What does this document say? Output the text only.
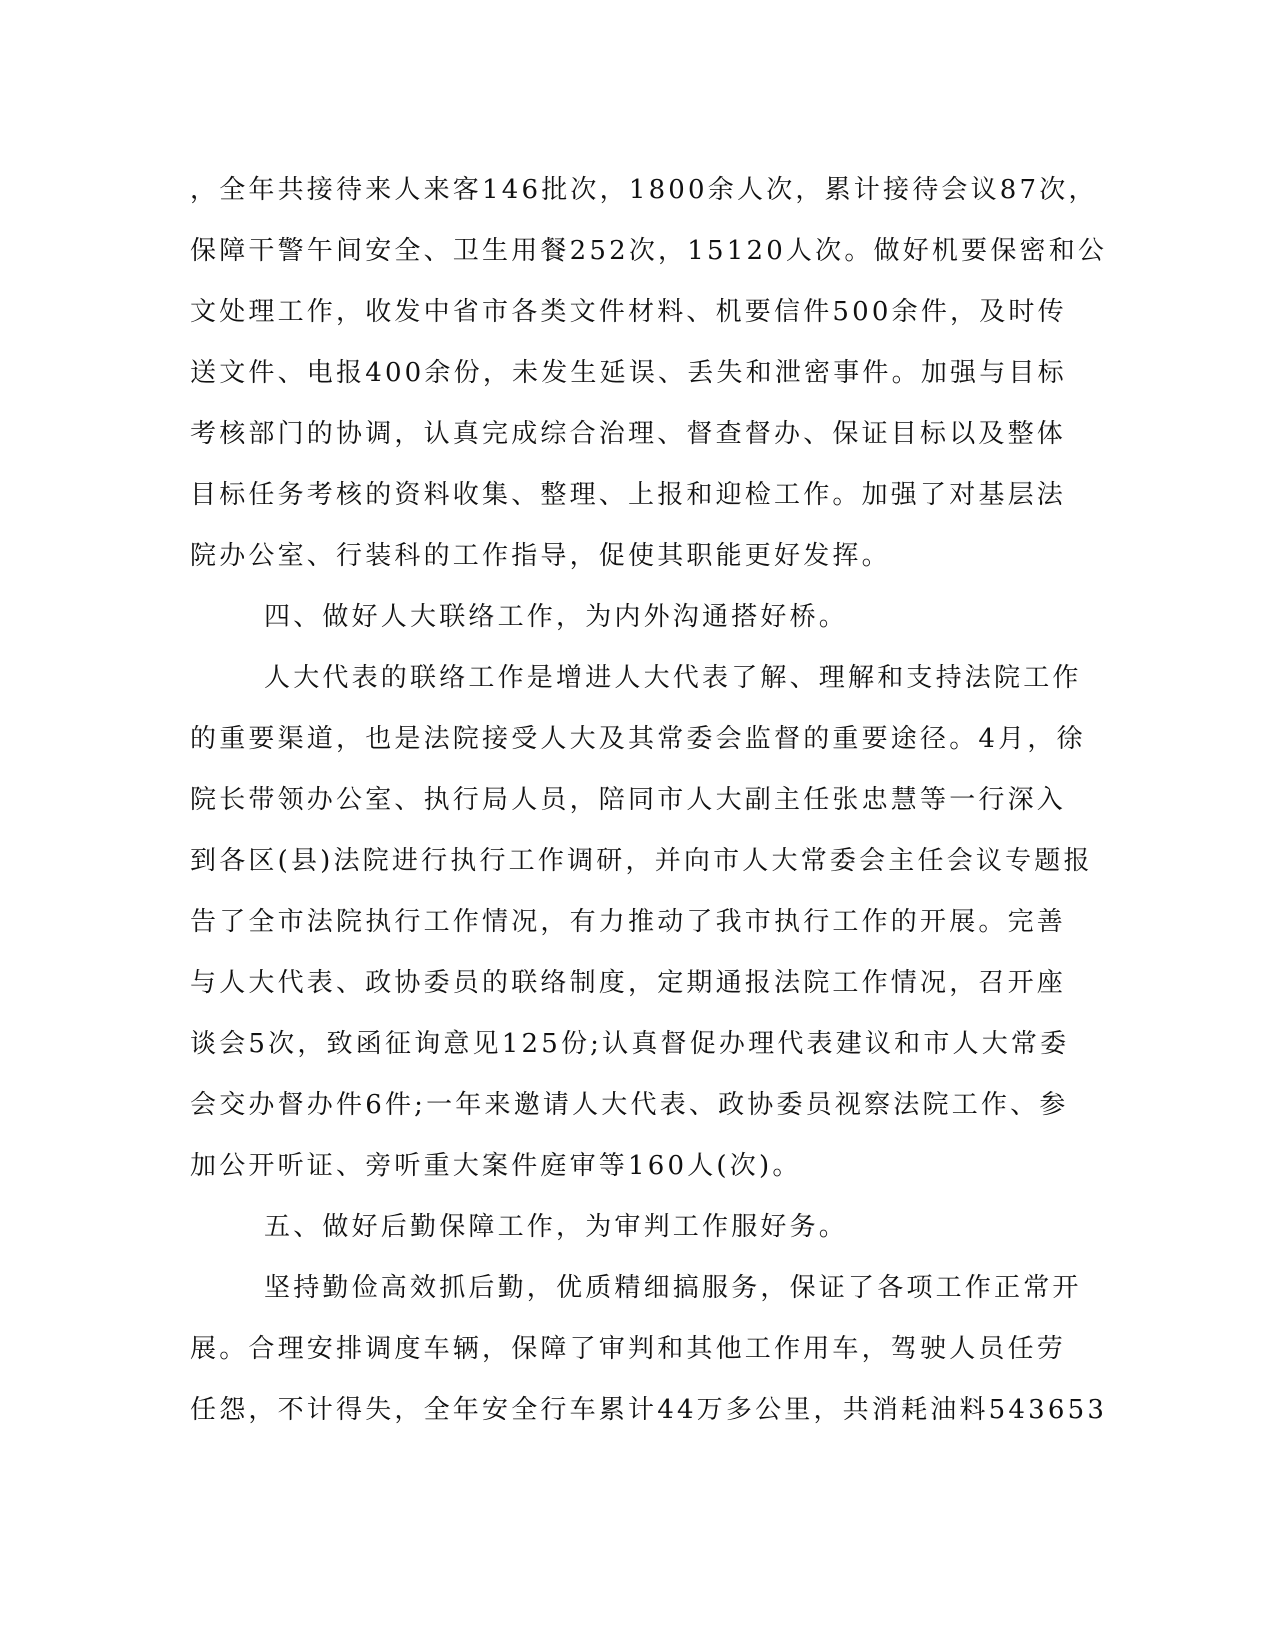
，全年共接待来人来客146批次，1800余人次，累计接待会议87次，
保障干警午间安全、卫生用餐252次，15120人次。做好机要保密和公
文处理工作，收发中省市各类文件材料、机要信件500余件，及时传
送文件、电报400余份，未发生延误、丢失和泄密事件。加强与目标
考核部门的协调，认真完成综合治理、督查督办、保证目标以及整体
目标任务考核的资料收集、整理、上报和迎检工作。加强了对基层法
院办公室、行装科的工作指导，促使其职能更好发挥。
四、做好人大联络工作，为内外沟通搭好桥。
人大代表的联络工作是增进人大代表了解、理解和支持法院工作
的重要渠道，也是法院接受人大及其常委会监督的重要途径。4月，徐
院长带领办公室、执行局人员，陪同市人大副主任张忠慧等一行深入
到各区(县)法院进行执行工作调研，并向市人大常委会主任会议专题报
告了全市法院执行工作情况，有力推动了我市执行工作的开展。完善
与人大代表、政协委员的联络制度，定期通报法院工作情况，召开座
谈会5次，致函征询意见125份;认真督促办理代表建议和市人大常委
会交办督办件6件;一年来邀请人大代表、政协委员视察法院工作、参
加公开听证、旁听重大案件庭审等160人(次)。
五、做好后勤保障工作，为审判工作服好务。
坚持勤俭高效抓后勤，优质精细搞服务，保证了各项工作正常开
展。合理安排调度车辆，保障了审判和其他工作用车，驾驶人员任劳
任怨，不计得失，全年安全行车累计44万多公里，共消耗油料543653
